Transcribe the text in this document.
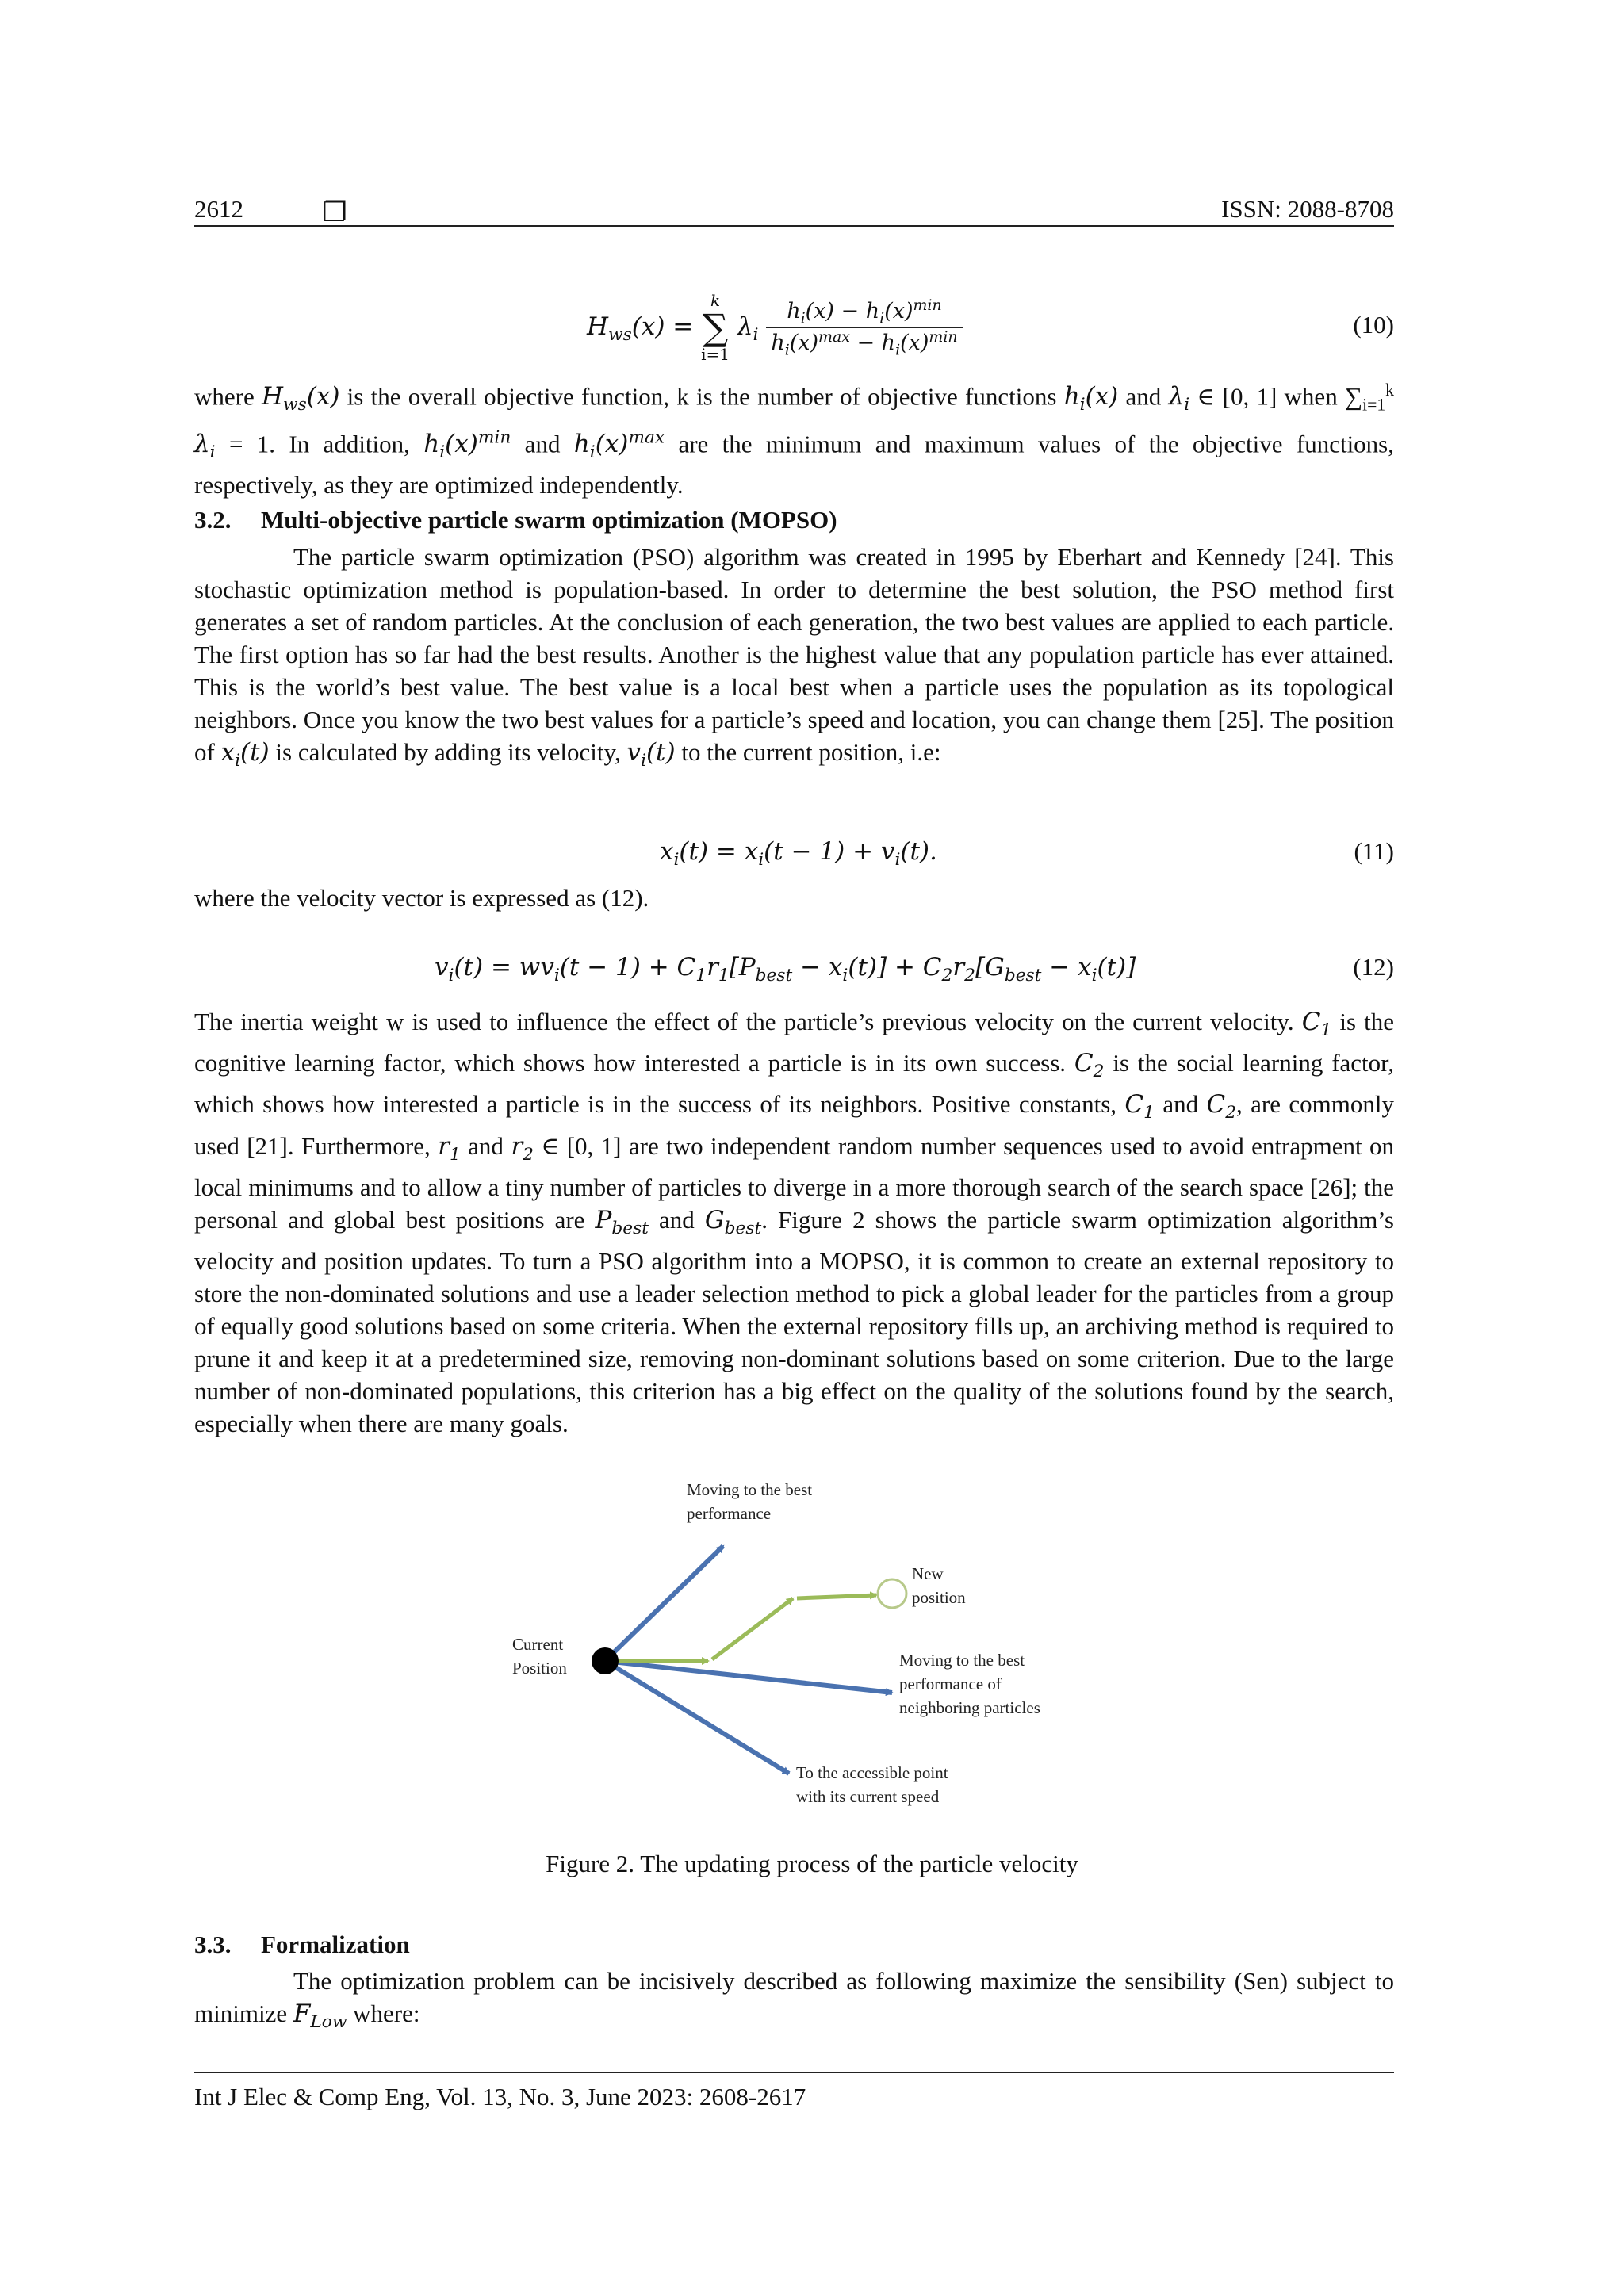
2612	❐	ISSN: 2088-8708
$H_{ws}(x)$ =
k
∑
i=1
$\lambda_i \frac{h_i(x) - h_i(x)^{min}}{h_i(x)^{max} - h_i(x)^{min}}$	(10)
where $H_{ws}(x)$ is the overall objective function, k is the number of objective functions $h_i(x)$ and $\lambda_i$ ∈ [0, 1] when $\sum_{i=1}^k$ $\lambda_i = 1$. In addition, $h_i(x)^{min}$ and $h_i(x)^{max}$ are the minimum and maximum values of the objective functions, respectively, as they are optimized independently.
3.2. Multi-objective particle swarm optimization (MOPSO)
The particle swarm optimization (PSO) algorithm was created in 1995 by Eberhart and Kennedy [24]. This stochastic optimization method is population-based. In order to determine the best solution, the PSO method first generates a set of random particles. At the conclusion of each generation, the two best values are applied to each particle. The first option has so far had the best results. Another is the highest value that any population particle has ever attained. This is the world’s best value. The best value is a local best when a particle uses the population as its topological neighbors. Once you know the two best values for a particle’s speed and location, you can change them [25]. The position of $x_i(t)$ is calculated by adding its velocity, $v_i(t)$ to the current position, i.e:
$x_i(t) = x_i(t - 1) + v_i(t)$.	(11)
where the velocity vector is expressed as (12).
$v_i(t) = wv_i(t - 1) + C_1r_1[P_{best} - x_i(t)] + C_2r_2[G_{best} - x_i(t)]$	(12)
The inertia weight w is used to influence the effect of the particle’s previous velocity on the current velocity. $C_1$ is the cognitive learning factor, which shows how interested a particle is in its own success. $C_2$ is the social learning factor, which shows how interested a particle is in the success of its neighbors. Positive constants, $C_1$ and $C_2$, are commonly used [21]. Furthermore, $r_1$ and $r_2$ ∈ [0, 1] are two independent random number sequences used to avoid entrapment on local minimums and to allow a tiny number of particles to diverge in a more thorough search of the search space [26]; the personal and global best positions are $P_{best}$ and $G_{best}$. Figure 2 shows the particle swarm optimization algorithm’s velocity and position updates. To turn a PSO algorithm into a MOPSO, it is common to create an external repository to store the non-dominated solutions and use a leader selection method to pick a global leader for the particles from a group of equally good solutions based on some criteria. When the external repository fills up, an archiving method is required to prune it and keep it at a predetermined size, removing non-dominant solutions based on some criterion. Due to the large number of non-dominated populations, this criterion has a big effect on the quality of the solutions found by the search, especially when there are many goals.
Moving to the best
performance
New
position
Current
Position	Moving to the best
performance of
neighboring particles
To the accessible point
with its current speed
Figure 2. The updating process of the particle velocity
3.3. Formalization
The optimization problem can be incisively described as following maximize the sensibility (Sen) subject to minimize $F_{Low}$ where:
Int J Elec & Comp Eng, Vol. 13, No. 3, June 2023: 2608-2617
